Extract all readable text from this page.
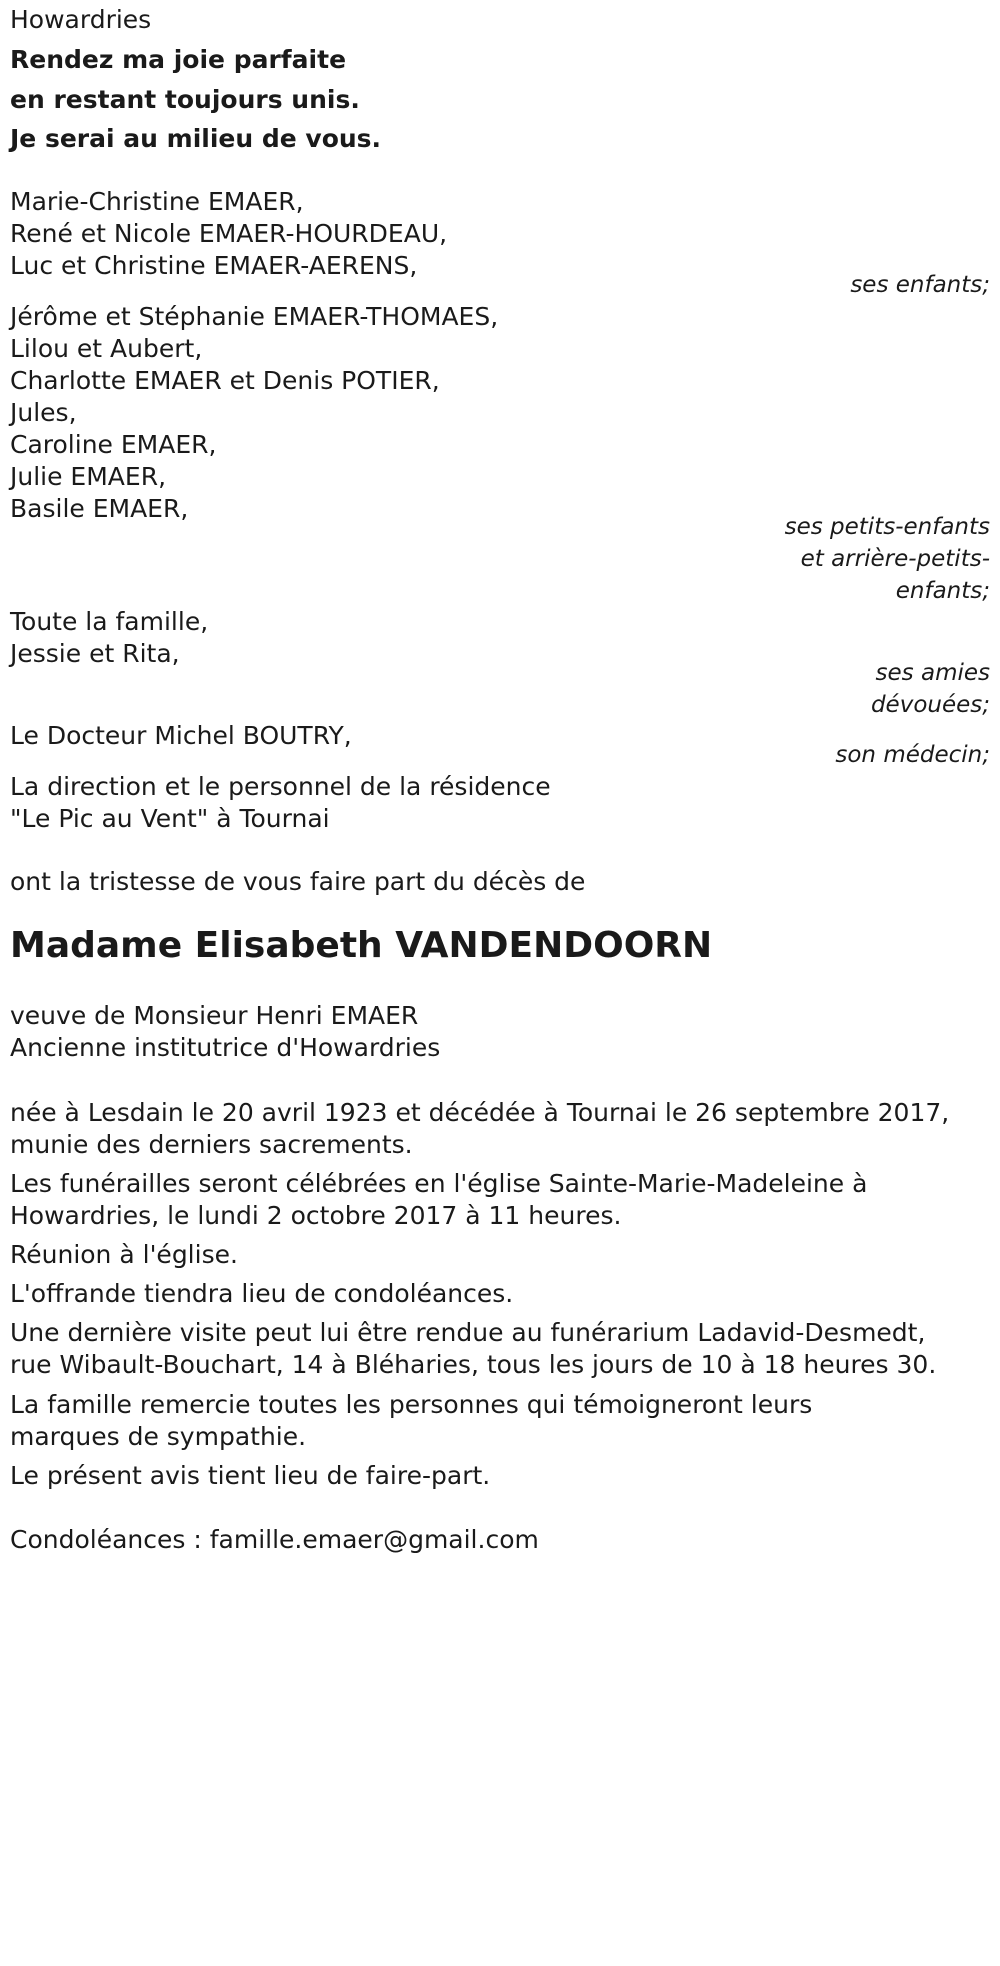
Howardries
Rendez ma joie parfaite
en restant toujours unis.
Je serai au milieu de vous.
Marie-Christine EMAER,
René et Nicole EMAER-HOURDEAU,
Luc et Christine EMAER-AERENS,
ses enfants;
Jérôme et Stéphanie EMAER-THOMAES,
Lilou et Aubert,
Charlotte EMAER et Denis POTIER,
Jules,
Caroline EMAER,
Julie EMAER,
Basile EMAER,
ses petits-enfants
et arrière-petits-
enfants;
Toute la famille,
Jessie et Rita,
ses amies
dévouées;
Le Docteur Michel BOUTRY,
son médecin;
La direction et le personnel de la résidence
"Le Pic au Vent" à Tournai
ont la tristesse de vous faire part du décès de
Madame Elisabeth VANDENDOORN
veuve de Monsieur Henri EMAER
Ancienne institutrice d'Howardries
née à Lesdain le 20 avril 1923 et décédée à Tournai le 26 septembre 2017,
munie des derniers sacrements.
Les funérailles seront célébrées en l'église Sainte-Marie-Madeleine à
Howardries, le lundi 2 octobre 2017 à 11 heures.
Réunion à l'église.
L'offrande tiendra lieu de condoléances.
Une dernière visite peut lui être rendue au funérarium Ladavid-Desmedt,
rue Wibault-Bouchart, 14 à Bléharies, tous les jours de 10 à 18 heures 30.
La famille remercie toutes les personnes qui témoigneront leurs
marques de sympathie.
Le présent avis tient lieu de faire-part.
Condoléances : famille.emaer@gmail.com
